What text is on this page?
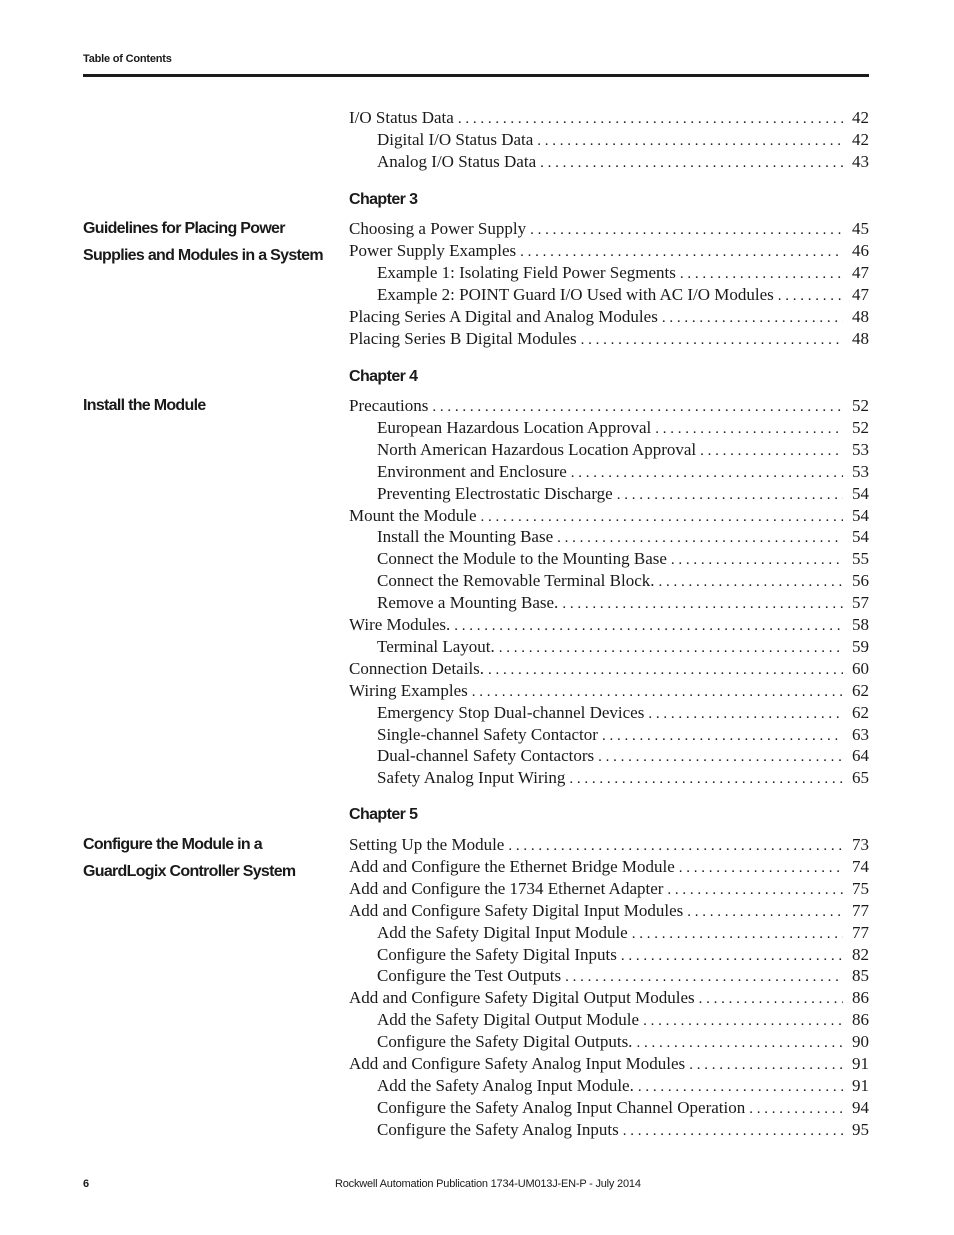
Table of Contents
I/O Status Data . . .	42
Digital I/O Status Data . . .	42
Analog I/O Status Data . . .	43
Chapter 3
Guidelines for Placing Power Supplies and Modules in a System
Choosing a Power Supply . . .	45
Power Supply Examples . . .	46
Example 1: Isolating Field Power Segments . . .	47
Example 2: POINT Guard I/O Used with AC I/O Modules . . .	47
Placing Series A Digital and Analog Modules . . .	48
Placing Series B Digital Modules . . .	48
Chapter 4
Install the Module	Precautions . . .	52
European Hazardous Location Approval . . .	52
North American Hazardous Location Approval . . .	53
Environment and Enclosure . . .	53
Preventing Electrostatic Discharge . . .	54
Mount the Module . . .	54
Install the Mounting Base . . .	54
Connect the Module to the Mounting Base . . .	55
Connect the Removable Terminal Block. . . .	56
Remove a Mounting Base. . . .	57
Wire Modules. . . .	58
Terminal Layout. . . .	59
Connection Details. . . .	60
Wiring Examples . . .	62
Emergency Stop Dual-channel Devices . . .	62
Single-channel Safety Contactor . . .	63
Dual-channel Safety Contactors . . .	64
Safety Analog Input Wiring . . .	65
Chapter 5
Configure the Module in a GuardLogix Controller System
Setting Up the Module . . .	73
Add and Configure the Ethernet Bridge Module . . .	74
Add and Configure the 1734 Ethernet Adapter . . .	75
Add and Configure Safety Digital Input Modules . . .	77
Add the Safety Digital Input Module . . .	77
Configure the Safety Digital Inputs . . .	82
Configure the Test Outputs . . .	85
Add and Configure Safety Digital Output Modules . . .	86
Add the Safety Digital Output Module . . .	86
Configure the Safety Digital Outputs. . . .	90
Add and Configure Safety Analog Input Modules . . .	91
Add the Safety Analog Input Module. . . .	91
Configure the Safety Analog Input Channel Operation . . .	94
Configure the Safety Analog Inputs . . .	95
6	Rockwell Automation Publication 1734-UM013J-EN-P - July 2014
